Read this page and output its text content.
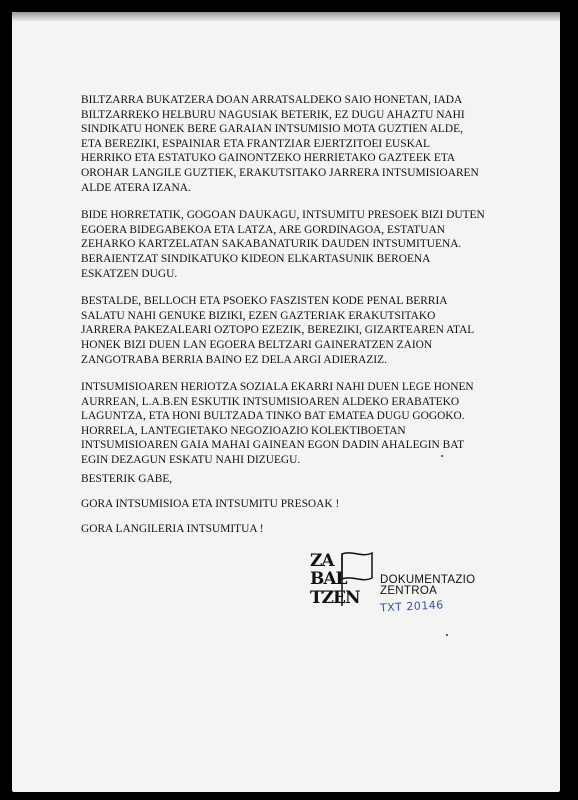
BILTZARRA BUKATZERA DOAN ARRATSALDEKO SAIO HONETAN, IADA
BILTZARREKO HELBURU NAGUSIAK BETERIK, EZ DUGU AHAZTU NAHI
SINDIKATU HONEK BERE GARAIAN INTSUMISIO MOTA GUZTIEN ALDE,
ETA BEREZIKI, ESPAINIAR ETA FRANTZIAR EJERTZITOEI EUSKAL
HERRIKO ETA ESTATUKO GAINONTZEKO HERRIETAKO GAZTEEK ETA
OROHAR LANGILE GUZTIEK, ERAKUTSITAKO JARRERA INTSUMISIOAREN
ALDE ATERA IZANA.

BIDE HORRETATIK, GOGOAN DAUKAGU, INTSUMITU PRESOEK BIZI DUTEN
EGOERA BIDEGABEKOA ETA LATZA, ARE GORDINAGOA, ESTATUAN
ZEHARKO KARTZELATAN SAKABANATURIK DAUDEN INTSUMITUENA.
BERAIENTZAT SINDIKATUKO KIDEON ELKARTASUNIK BEROENA
ESKATZEN DUGU.

BESTALDE, BELLOCH ETA PSOEKO FASZISTEN KODE PENAL BERRIA
SALATU NAHI GENUKE BIZIKI, EZEN GAZTERIAK ERAKUTSITAKO
JARRERA PAKEZALEARI OZTOPO EZEZIK, BEREZIKI, GIZARTEAREN ATAL
HONEK BIZI DUEN LAN EGOERA BELTZARI GAINERATZEN ZAION
ZANGOTRABA BERRIA BAINO EZ DELA ARGI ADIERAZIZ.

INTSUMISIOAREN HERIOTZA SOZIALA EKARRI NAHI DUEN LEGE HONEN
AURREAN, L.A.B.EN ESKUTIK INTSUMISIOAREN ALDEKO ERABATEKO
LAGUNTZA, ETA HONI BULTZADA TINKO BAT EMATEA DUGU GOGOKO.
HORRELA, LANTEGIETAKO NEGOZIOAZIO KOLEKTIBOETAN
INTSUMISIOAREN GAIA MAHAI GAINEAN EGON DADIN AHALEGIN BAT
EGIN DEZAGUN ESKATU NAHI DIZUEGU.

BESTERIK GABE,
GORA INTSUMISIOA ETA INTSUMITU PRESOAK !
GORA LANGILERIA INTSUMITUA !
ZA
BAL
TZEN
DOKUMENTAZIO
ZENTROA
TXT 20146
